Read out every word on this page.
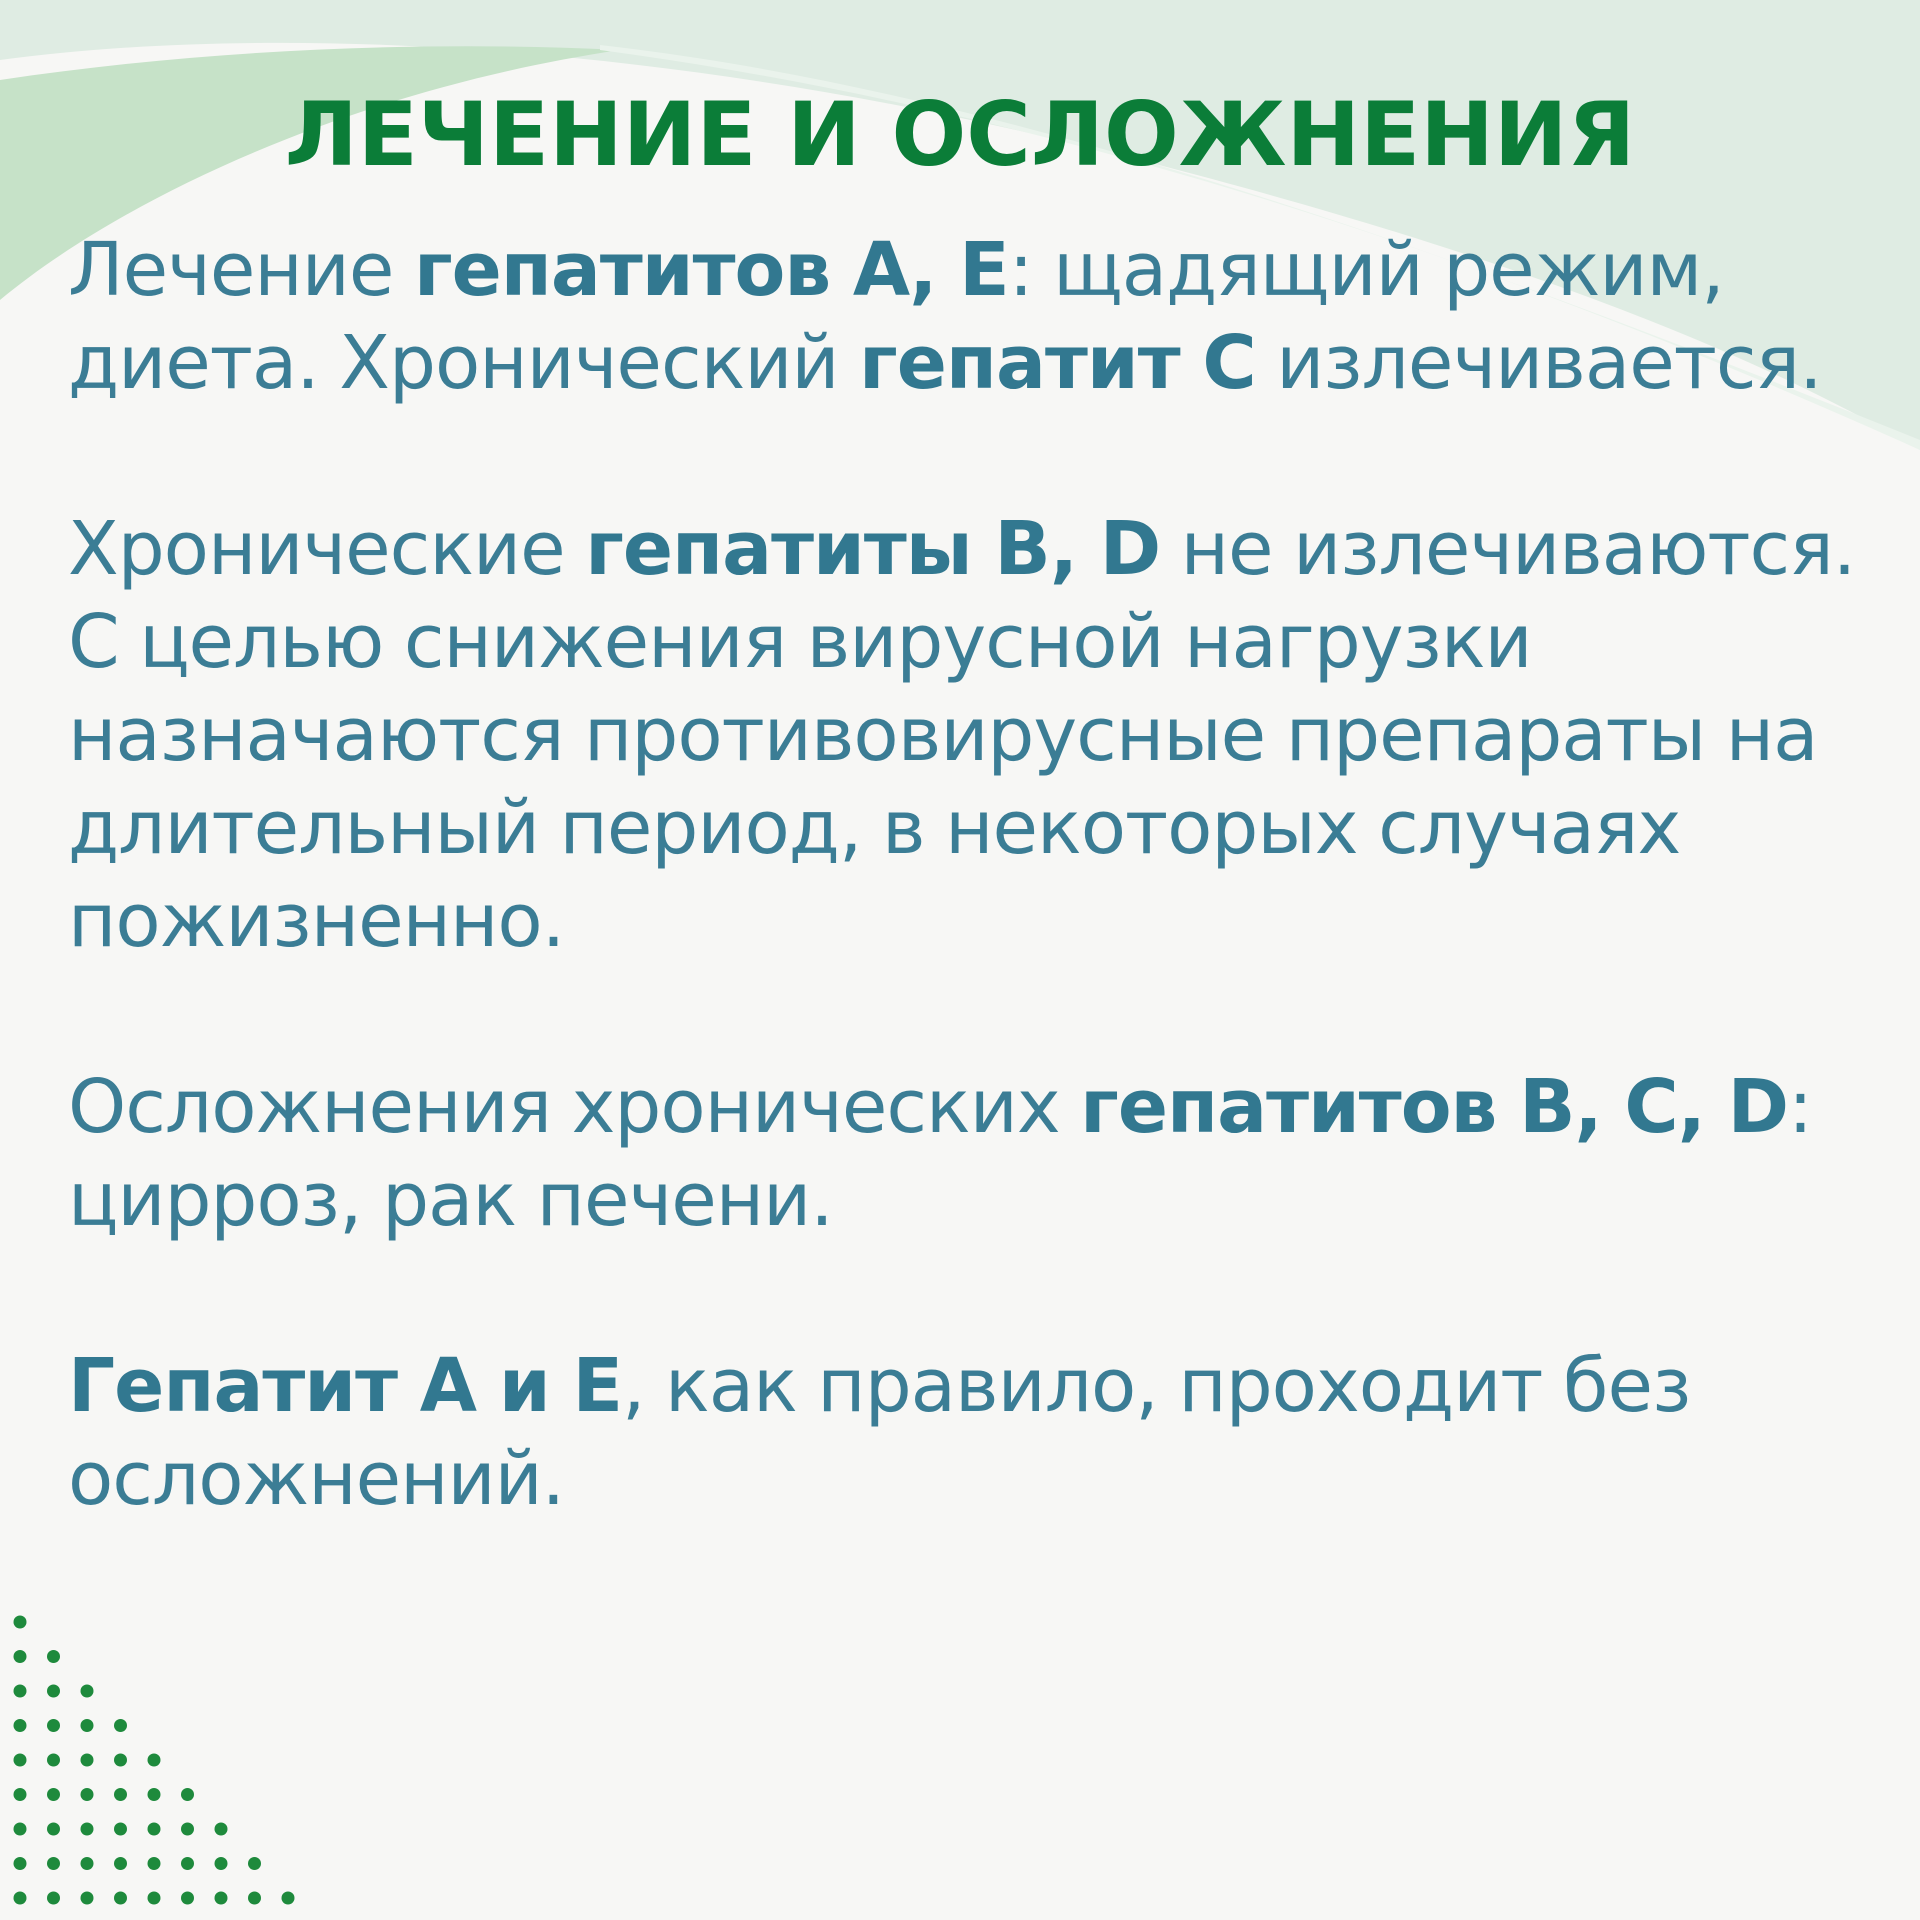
ЛЕЧЕНИЕ И ОСЛОЖНЕНИЯ

Лечение гепатитов А, Е: щадящий режим, диета. Хронический гепатит С излечивается.

Хронические гепатиты В, D не излечиваются. С целью снижения вирусной нагрузки назначаются противовирусные препараты на длительный период, в некоторых случаях пожизненно.

Осложнения хронических гепатитов В, С, D: цирроз, рак печени.

Гепатит А и Е, как правило, проходит без осложнений.
